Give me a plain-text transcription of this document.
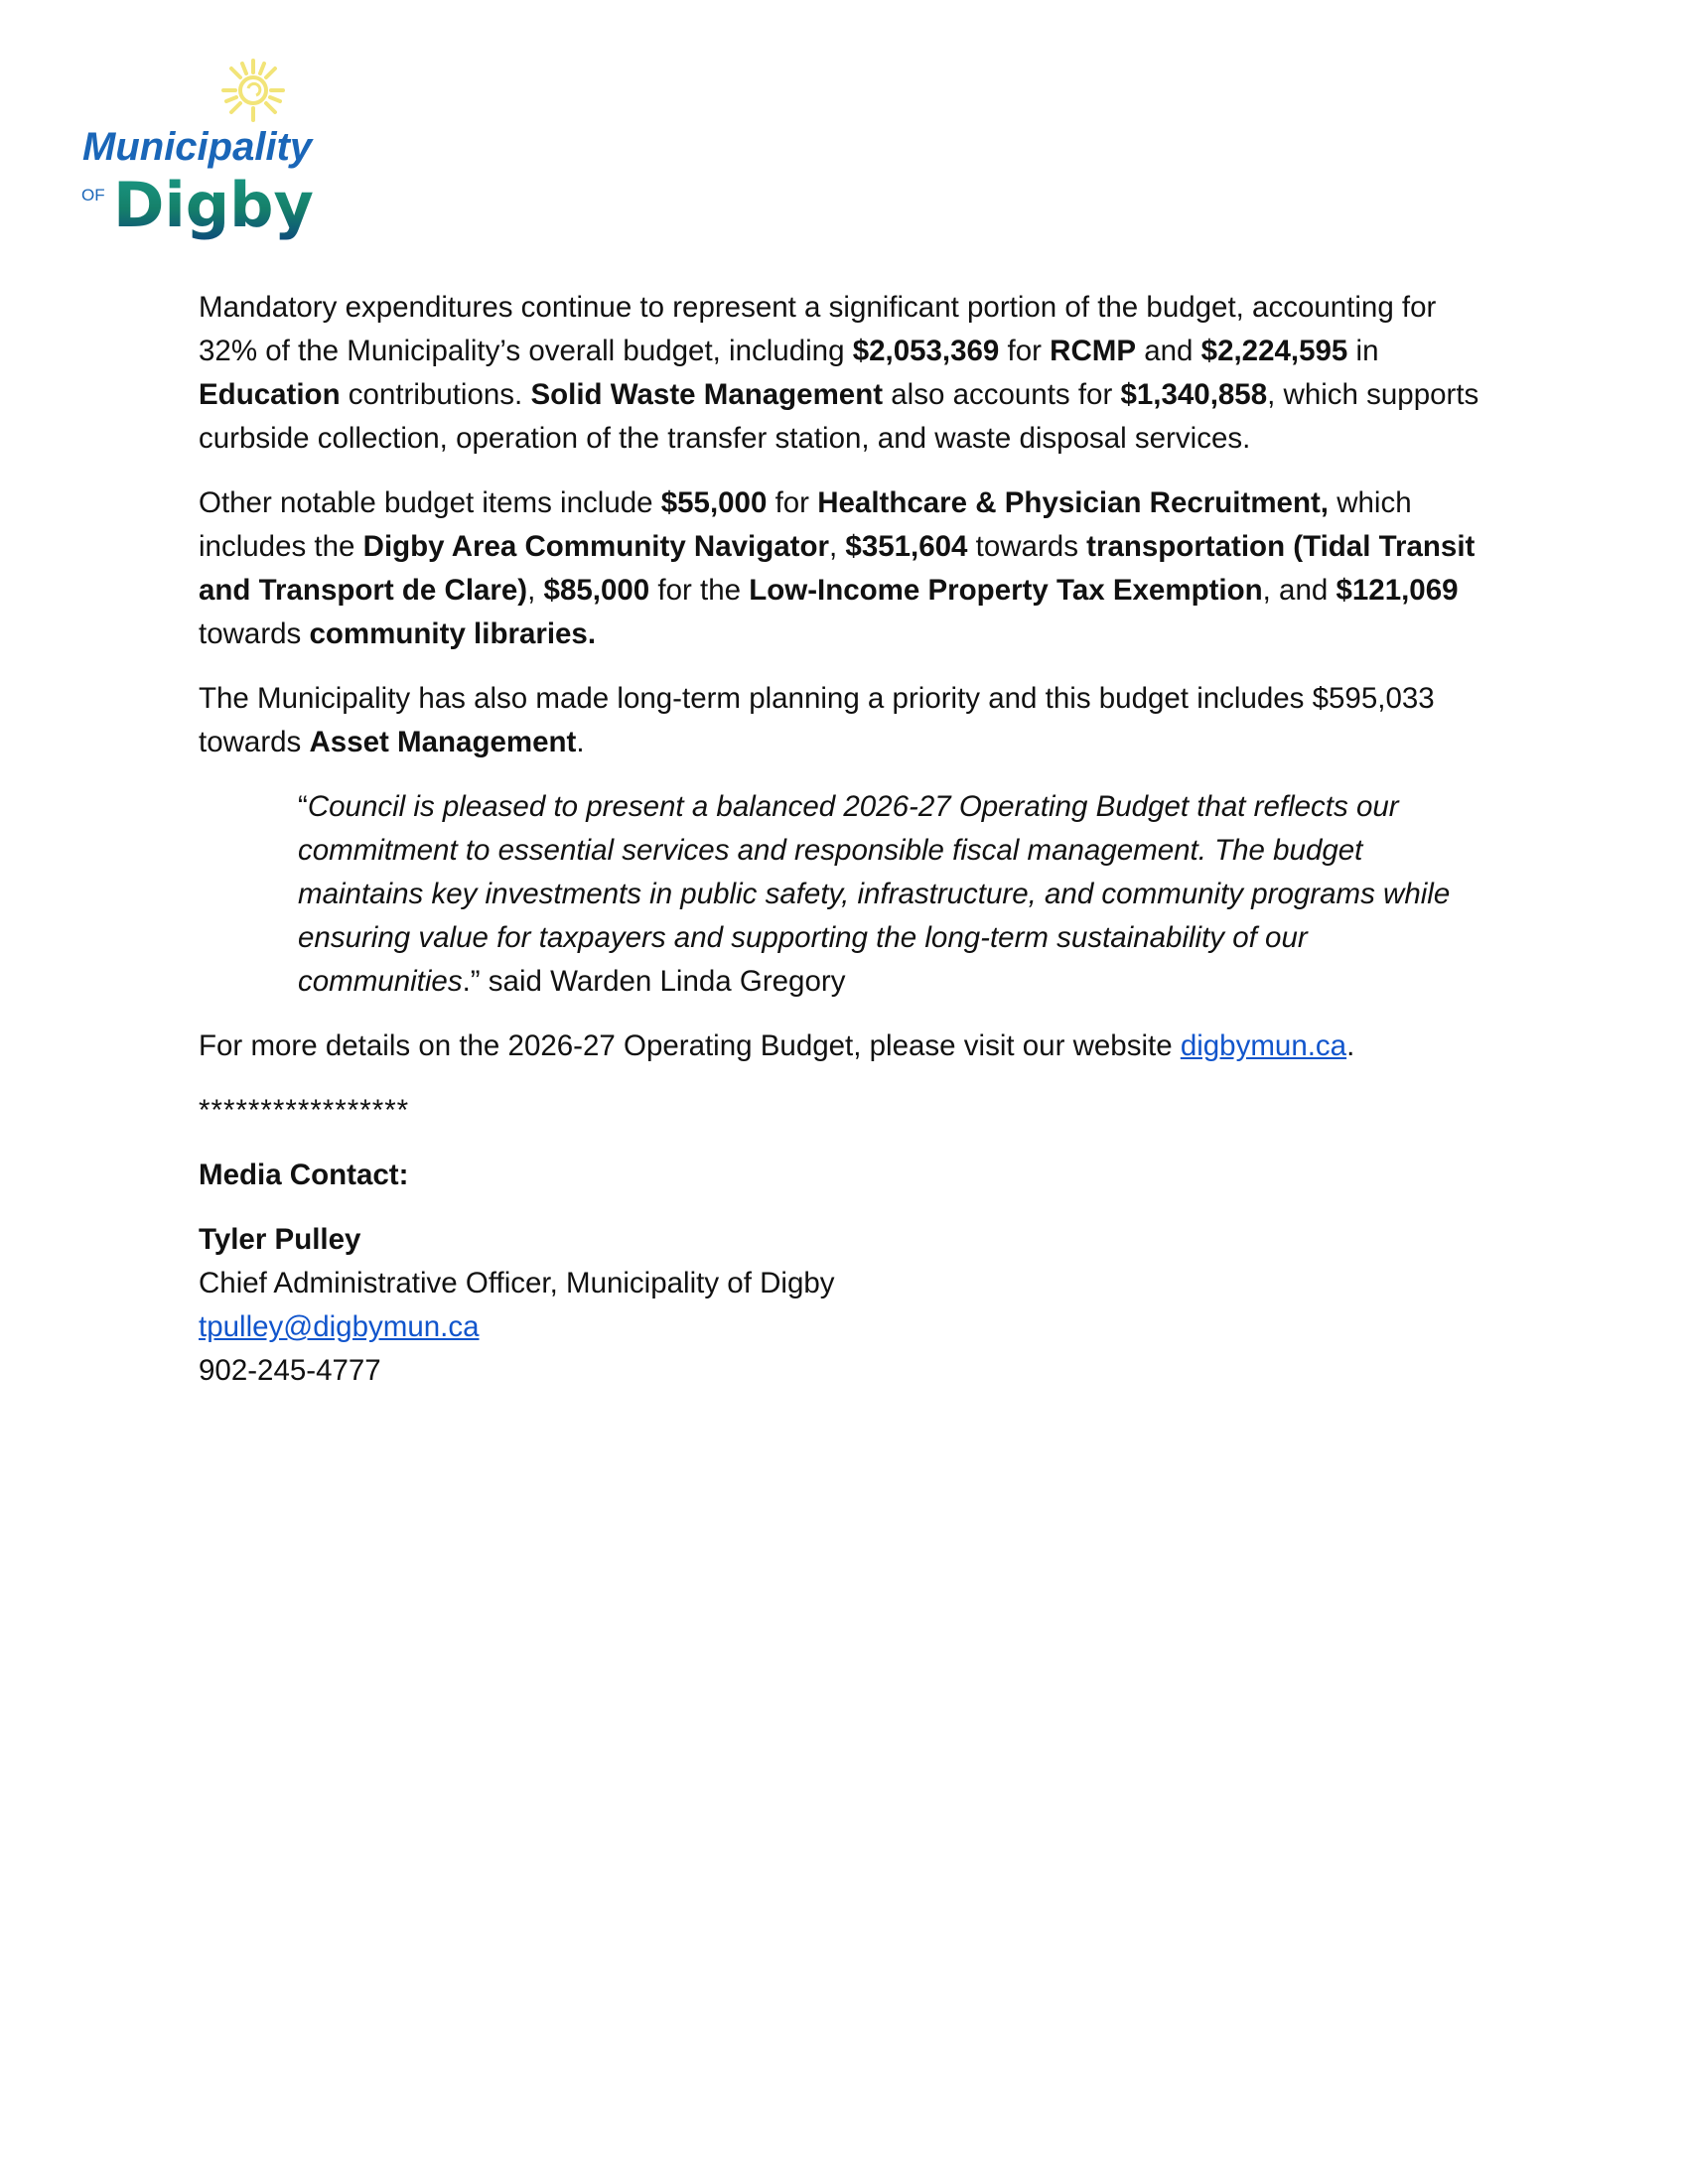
Municipality
OF Digby

Mandatory expenditures continue to represent a significant portion of the budget, accounting for 32% of the Municipality’s overall budget, including $2,053,369 for RCMP and $2,224,595 in Education contributions. Solid Waste Management also accounts for $1,340,858, which supports curbside collection, operation of the transfer station, and waste disposal services.

Other notable budget items include $55,000 for Healthcare & Physician Recruitment, which includes the Digby Area Community Navigator, $351,604 towards transportation (Tidal Transit and Transport de Clare), $85,000 for the Low-Income Property Tax Exemption, and $121,069 towards community libraries.

The Municipality has also made long-term planning a priority and this budget includes $595,033 towards Asset Management.

“Council is pleased to present a balanced 2026-27 Operating Budget that reflects our commitment to essential services and responsible fiscal management. The budget maintains key investments in public safety, infrastructure, and community programs while ensuring value for taxpayers and supporting the long-term sustainability of our communities.” said Warden Linda Gregory

For more details on the 2026-27 Operating Budget, please visit our website digbymun.ca.

*****************

Media Contact:

Tyler Pulley

Chief Administrative Officer, Municipality of Digby

tpulley@digbymun.ca

902-245-4777
